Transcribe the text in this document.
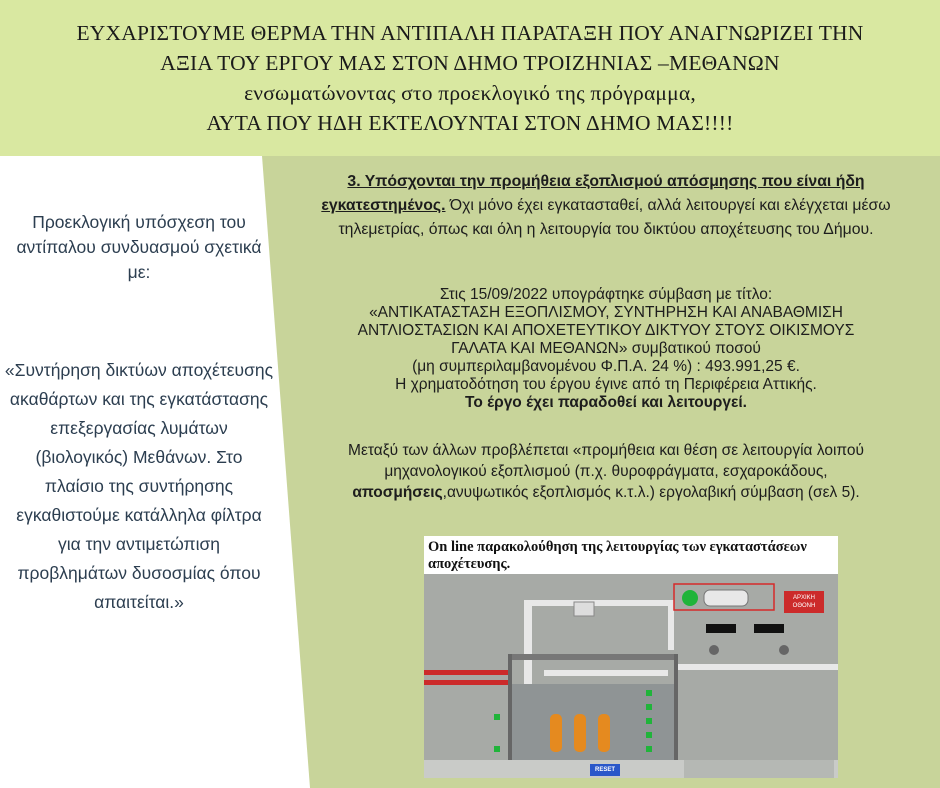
ΕΥΧΑΡΙΣΤΟΥΜΕ ΘΕΡΜΑ ΤΗΝ ΑΝΤΙΠΑΛΗ ΠΑΡΑΤΑΞΗ ΠΟΥ ΑΝΑΓΝΩΡΙΖΕΙ ΤΗΝ
ΑΞΙΑ ΤΟΥ ΕΡΓΟΥ ΜΑΣ ΣΤΟΝ ΔΗΜΟ ΤΡΟΙΖΗΝΙΑΣ –ΜΕΘΑΝΩΝ
ενσωματώνοντας στο προεκλογικό της πρόγραμμα,
ΑΥΤΑ ΠΟΥ ΗΔΗ ΕΚΤΕΛΟΥΝΤΑΙ ΣΤΟΝ ΔΗΜΟ ΜΑΣ!!!!
Προεκλογική υπόσχεση του αντίπαλου συνδυασμού σχετικά με:
«Συντήρηση δικτύων αποχέτευσης ακαθάρτων και της εγκατάστασης επεξεργασίας λυμάτων (βιολογικός) Μεθάνων. Στο πλαίσιο της συντήρησης εγκαθιστούμε κατάλληλα φίλτρα για την αντιμετώπιση προβλημάτων δυσοσμίας όπου απαιτείται.»
3. Υπόσχονται την προμήθεια εξοπλισμού απόσμησης που είναι ήδη εγκατεστημένος. Όχι μόνο έχει εγκατασταθεί, αλλά λειτουργεί και ελέγχεται μέσω τηλεμετρίας, όπως και όλη η λειτουργία του δικτύου αποχέτευσης του Δήμου.
Στις 15/09/2022 υπογράφτηκε σύμβαση με τίτλο:
«ΑΝΤΙΚΑΤΑΣΤΑΣΗ ΕΞΟΠΛΙΣΜΟΥ, ΣΥΝΤΗΡΗΣΗ ΚΑΙ ΑΝΑΒΑΘΜΙΣΗ
ΑΝΤΛΙΟΣΤΑΣΙΩΝ ΚΑΙ ΑΠΟΧΕΤΕΥΤΙΚΟΥ ΔΙΚΤΥΟΥ ΣΤΟΥΣ ΟΙΚΙΣΜΟΥΣ
ΓΑΛΑΤΑ ΚΑΙ ΜΕΘΑΝΩΝ» συμβατικού ποσού
(μη συμπεριλαμβανομένου Φ.Π.Α. 24 %) : 493.991,25 €.
Η χρηματοδότηση του έργου έγινε από τη Περιφέρεια Αττικής.
Το έργο έχει παραδοθεί και λειτουργεί.
Μεταξύ των άλλων προβλέπεται «προμήθεια και θέση σε λειτουργία λοιπού μηχανολογικού εξοπλισμού (π.χ. θυροφράγματα, εσχαροκάδους, αποσμήσεις,ανυψωτικός εξοπλισμός κ.τ.λ.) εργολαβική σύμβαση (σελ 5).
On line παρακολούθηση της λειτουργίας των εγκαταστάσεων αποχέτευσης.
ΑΡΧΙΚΗ ΟΘΟΝΗ
RESET
